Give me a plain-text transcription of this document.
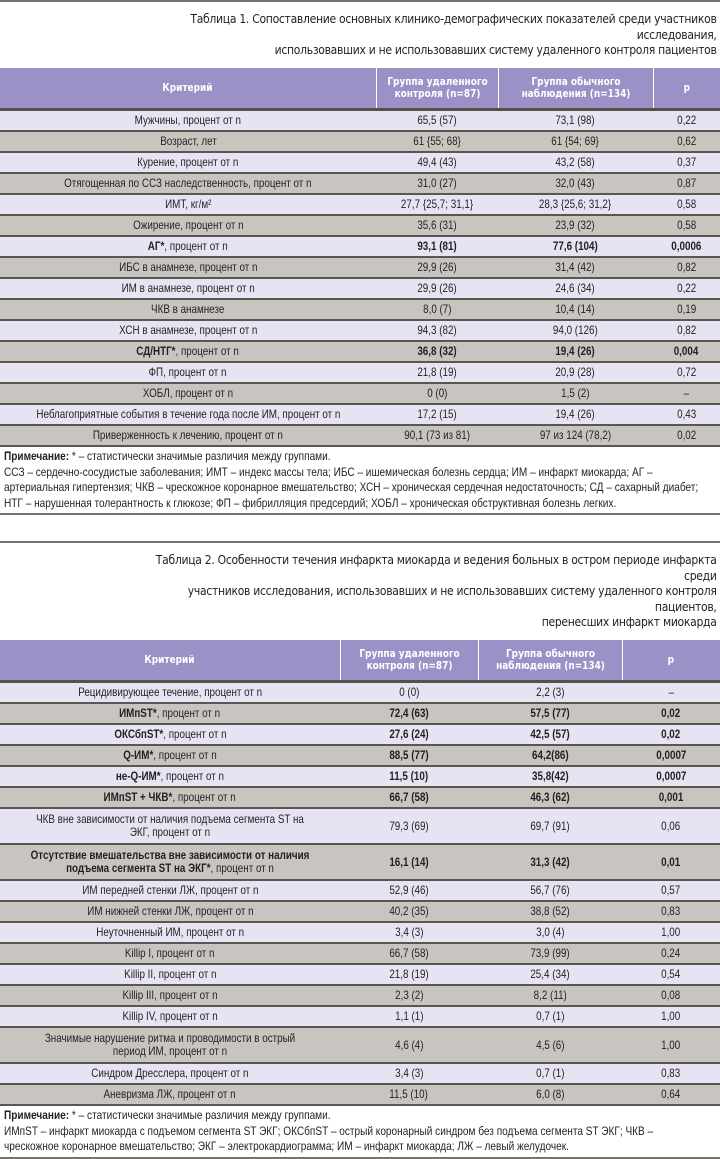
Таблица 1. Сопоставление основных клинико-демографических показателей среди участников исследования,
использовавших и не использовавших систему удаленного контроля пациентов
Критерий	Группа удаленного контроля (n=87)	Группа обычного наблюдения (n=134)	р
Мужчины, процент от n	65,5 (57)	73,1 (98)	0,22
Возраст, лет	61 {55; 68}	61 {54; 69}	0,62
Курение, процент от n	49,4 (43)	43,2 (58)	0,37
Отягощенная по ССЗ наследственность, процент от n	31,0 (27)	32,0 (43)	0,87
ИМТ, кг/м²	27,7 {25,7; 31,1}	28,3 {25,6; 31,2}	0,58
Ожирение, процент от n	35,6 (31)	23,9 (32)	0,58
АГ*, процент от n	93,1 (81)	77,6 (104)	0,0006
ИБС в анамнезе, процент от n	29,9 (26)	31,4 (42)	0,82
ИМ в анамнезе, процент от n	29,9 (26)	24,6 (34)	0,22
ЧКВ в анамнезе	8,0 (7)	10,4 (14)	0,19
ХСН в анамнезе, процент от n	94,3 (82)	94,0 (126)	0,82
СД/НТГ*, процент от n	36,8 (32)	19,4 (26)	0,004
ФП, процент от n	21,8 (19)	20,9 (28)	0,72
ХОБЛ, процент от n	0 (0)	1,5 (2)	–
Неблагоприятные события в течение года после ИМ, процент от n	17,2 (15)	19,4 (26)	0,43
Приверженность к лечению, процент от n	90,1 (73 из 81)	97 из 124 (78,2)	0,02
Примечание: * – статистически значимые различия между группами.
ССЗ – сердечно-сосудистые заболевания; ИМТ – индекс массы тела; ИБС – ишемическая болезнь сердца; ИМ – инфаркт миокарда; АГ – артериальная гипертензия; ЧКВ – чрескожное коронарное вмешательство; ХСН – хроническая сердечная недостаточность; СД – сахарный диабет; НТГ – нарушенная толерантность к глюкозе; ФП – фибрилляция предсердий; ХОБЛ – хроническая обструктивная болезнь легких.
Таблица 2. Особенности течения инфаркта миокарда и ведения больных в остром периоде инфаркта среди
участников исследования, использовавших и не использовавших систему удаленного контроля пациентов,
перенесших инфаркт миокарда
Критерий	Группа удаленного контроля (n=87)	Группа обычного наблюдения (n=134)	р
Рецидивирующее течение, процент от n	0 (0)	2,2 (3)	–
ИМпST*, процент от n	72,4 (63)	57,5 (77)	0,02
ОКСбпST*, процент от n	27,6 (24)	42,5 (57)	0,02
Q-ИМ*, процент от n	88,5 (77)	64,2(86)	0,0007
не-Q-ИМ*, процент от n	11,5 (10)	35,8(42)	0,0007
ИМпST + ЧКВ*, процент от n	66,7 (58)	46,3 (62)	0,001
ЧКВ вне зависимости от наличия подъема сегмента ST на ЭКГ, процент от n	79,3 (69)	69,7 (91)	0,06
Отсутствие вмешательства вне зависимости от наличия подъема сегмента ST на ЭКГ*, процент от n	16,1 (14)	31,3 (42)	0,01
ИМ передней стенки ЛЖ, процент от n	52,9 (46)	56,7 (76)	0,57
ИМ нижней стенки ЛЖ, процент от n	40,2 (35)	38,8 (52)	0,83
Неуточненный ИМ, процент от n	3,4 (3)	3,0 (4)	1,00
Killip I, процент от n	66,7 (58)	73,9 (99)	0,24
Killip II, процент от n	21,8 (19)	25,4 (34)	0,54
Killip III, процент от n	2,3 (2)	8,2 (11)	0,08
Killip IV, процент от n	1,1 (1)	0,7 (1)	1,00
Значимые нарушение ритма и проводимости в острый период ИМ, процент от n	4,6 (4)	4,5 (6)	1,00
Синдром Дресслера, процент от n	3,4 (3)	0,7 (1)	0,83
Аневризма ЛЖ, процент от n	11,5 (10)	6,0 (8)	0,64
Примечание: * – статистически значимые различия между группами.
ИМпST – инфаркт миокарда с подъемом сегмента ST ЭКГ; ОКСбпST – острый коронарный синдром без подъема сегмента ST ЭКГ; ЧКВ – чрескожное коронарное вмешательство; ЭКГ – электрокардиограмма; ИМ – инфаркт миокарда; ЛЖ – левый желудочек.
